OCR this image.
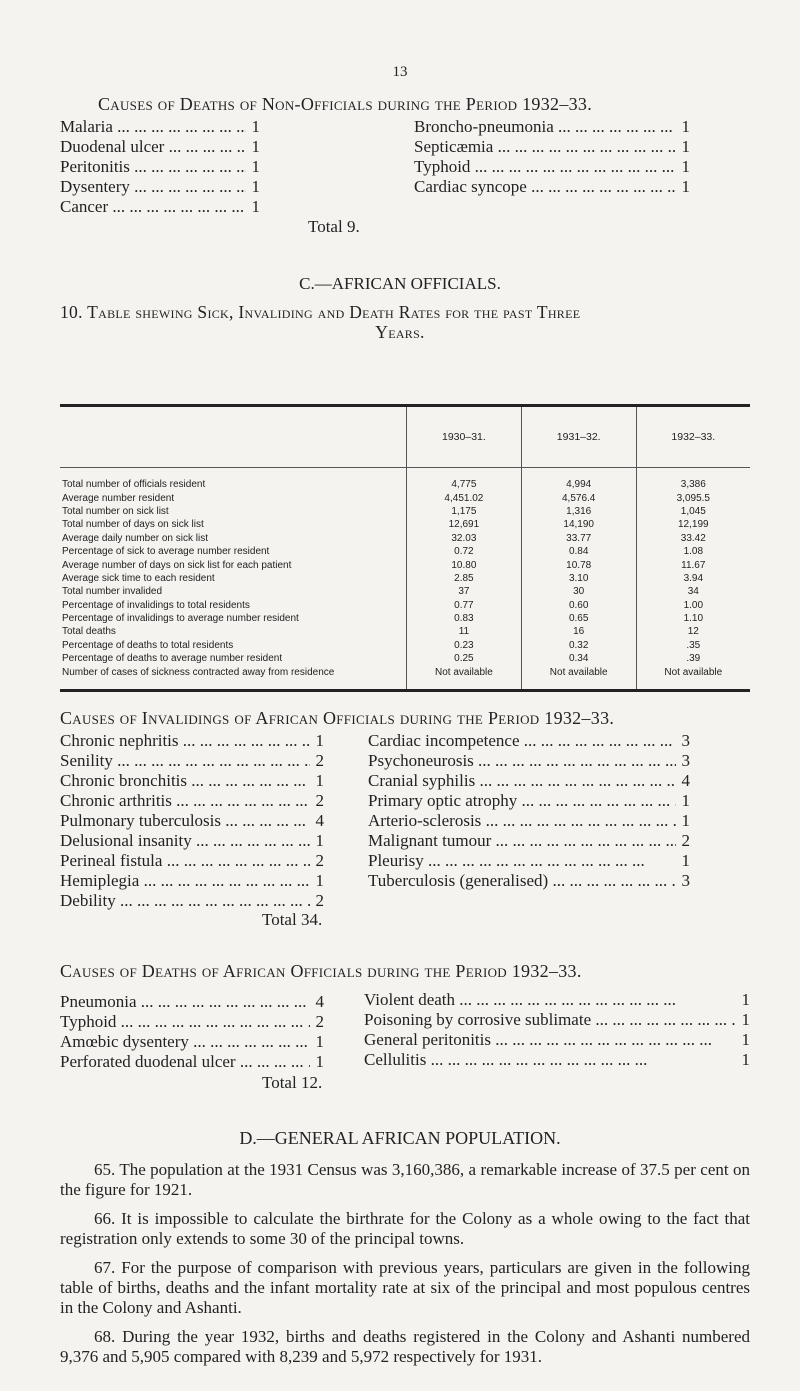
13
Causes of Deaths of Non-Officials during the Period 1932–33.
Malaria ... .	1
Duodenal ulcer ... .	1
Peritonitis ... .	1
Dysentery ... .	1
Cancer ... .	1
Broncho-pneumonia ... .	1
Septicæmia ... .	1
Typhoid ... .	1
Cardiac syncope ... .	1
Total 9.
C.—AFRICAN OFFICIALS.
10. Table shewing Sick, Invaliding and Death Rates for the past Three
Years.
	1930–31.	1931–32.	1932–33.
Total number of officials resident	4,775	4,994	3,386
Average number resident	4,451.02	4,576.4	3,095.5
Total number on sick list	1,175	1,316	1,045
Total number of days on sick list	12,691	14,190	12,199
Average daily number on sick list	32.03	33.77	33.42
Percentage of sick to average number resident	0.72	0.84	1.08
Average number of days on sick list for each patient	10.80	10.78	11.67
Average sick time to each resident	2.85	3.10	3.94
Total number invalided	37	30	34
Percentage of invalidings to total residents	0.77	0.60	1.00
Percentage of invalidings to average number resident	0.83	0.65	1.10
Total deaths	11	16	12
Percentage of deaths to total residents	0.23	0.32	.35
Percentage of deaths to average number resident	0.25	0.34	.39
Number of cases of sickness contracted away from residence	Not available	Not available	Not available
Causes of Invalidings of African Officials during the Period 1932–33.
Chronic nephritis ... .	1
Senility ... .	2
Chronic bronchitis ... .	1
Chronic arthritis ... .	2
Pulmonary tuberculosis ... .	4
Delusional insanity ... .	1
Perineal fistula ... .	2
Hemiplegia ... .	1
Debility ... .	2
Cardiac incompetence ... .	3
Psychoneurosis ... .	3
Cranial syphilis ... .	4
Primary optic atrophy ... .	1
Arterio-sclerosis ... .	1
Malignant tumour ... .	2
Pleurisy ... .	1
Tuberculosis (generalised) ... .	3
Total 34.
Causes of Deaths of African Officials during the Period 1932–33.
Pneumonia ... .	4
Typhoid ... .	2
Amœbic dysentery ... .	1
Perforated duodenal ulcer ... .	1
Violent death ... .	1
Poisoning by corrosive sublimate ... .	1
General peritonitis ... .	1
Cellulitis ... .	1
Total 12.
D.—GENERAL AFRICAN POPULATION.

65. The population at the 1931 Census was 3,160,386, a remarkable increase of 37.5 per cent on the figure for 1921.

66. It is impossible to calculate the birthrate for the Colony as a whole owing to the fact that registration only extends to some 30 of the principal towns.

67. For the purpose of comparison with previous years, particulars are given in the following table of births, deaths and the infant mortality rate at six of the principal and most populous centres in the Colony and Ashanti.

68. During the year 1932, births and deaths registered in the Colony and Ashanti numbered 9,376 and 5,905 compared with 8,239 and 5,972 respectively for 1931.
